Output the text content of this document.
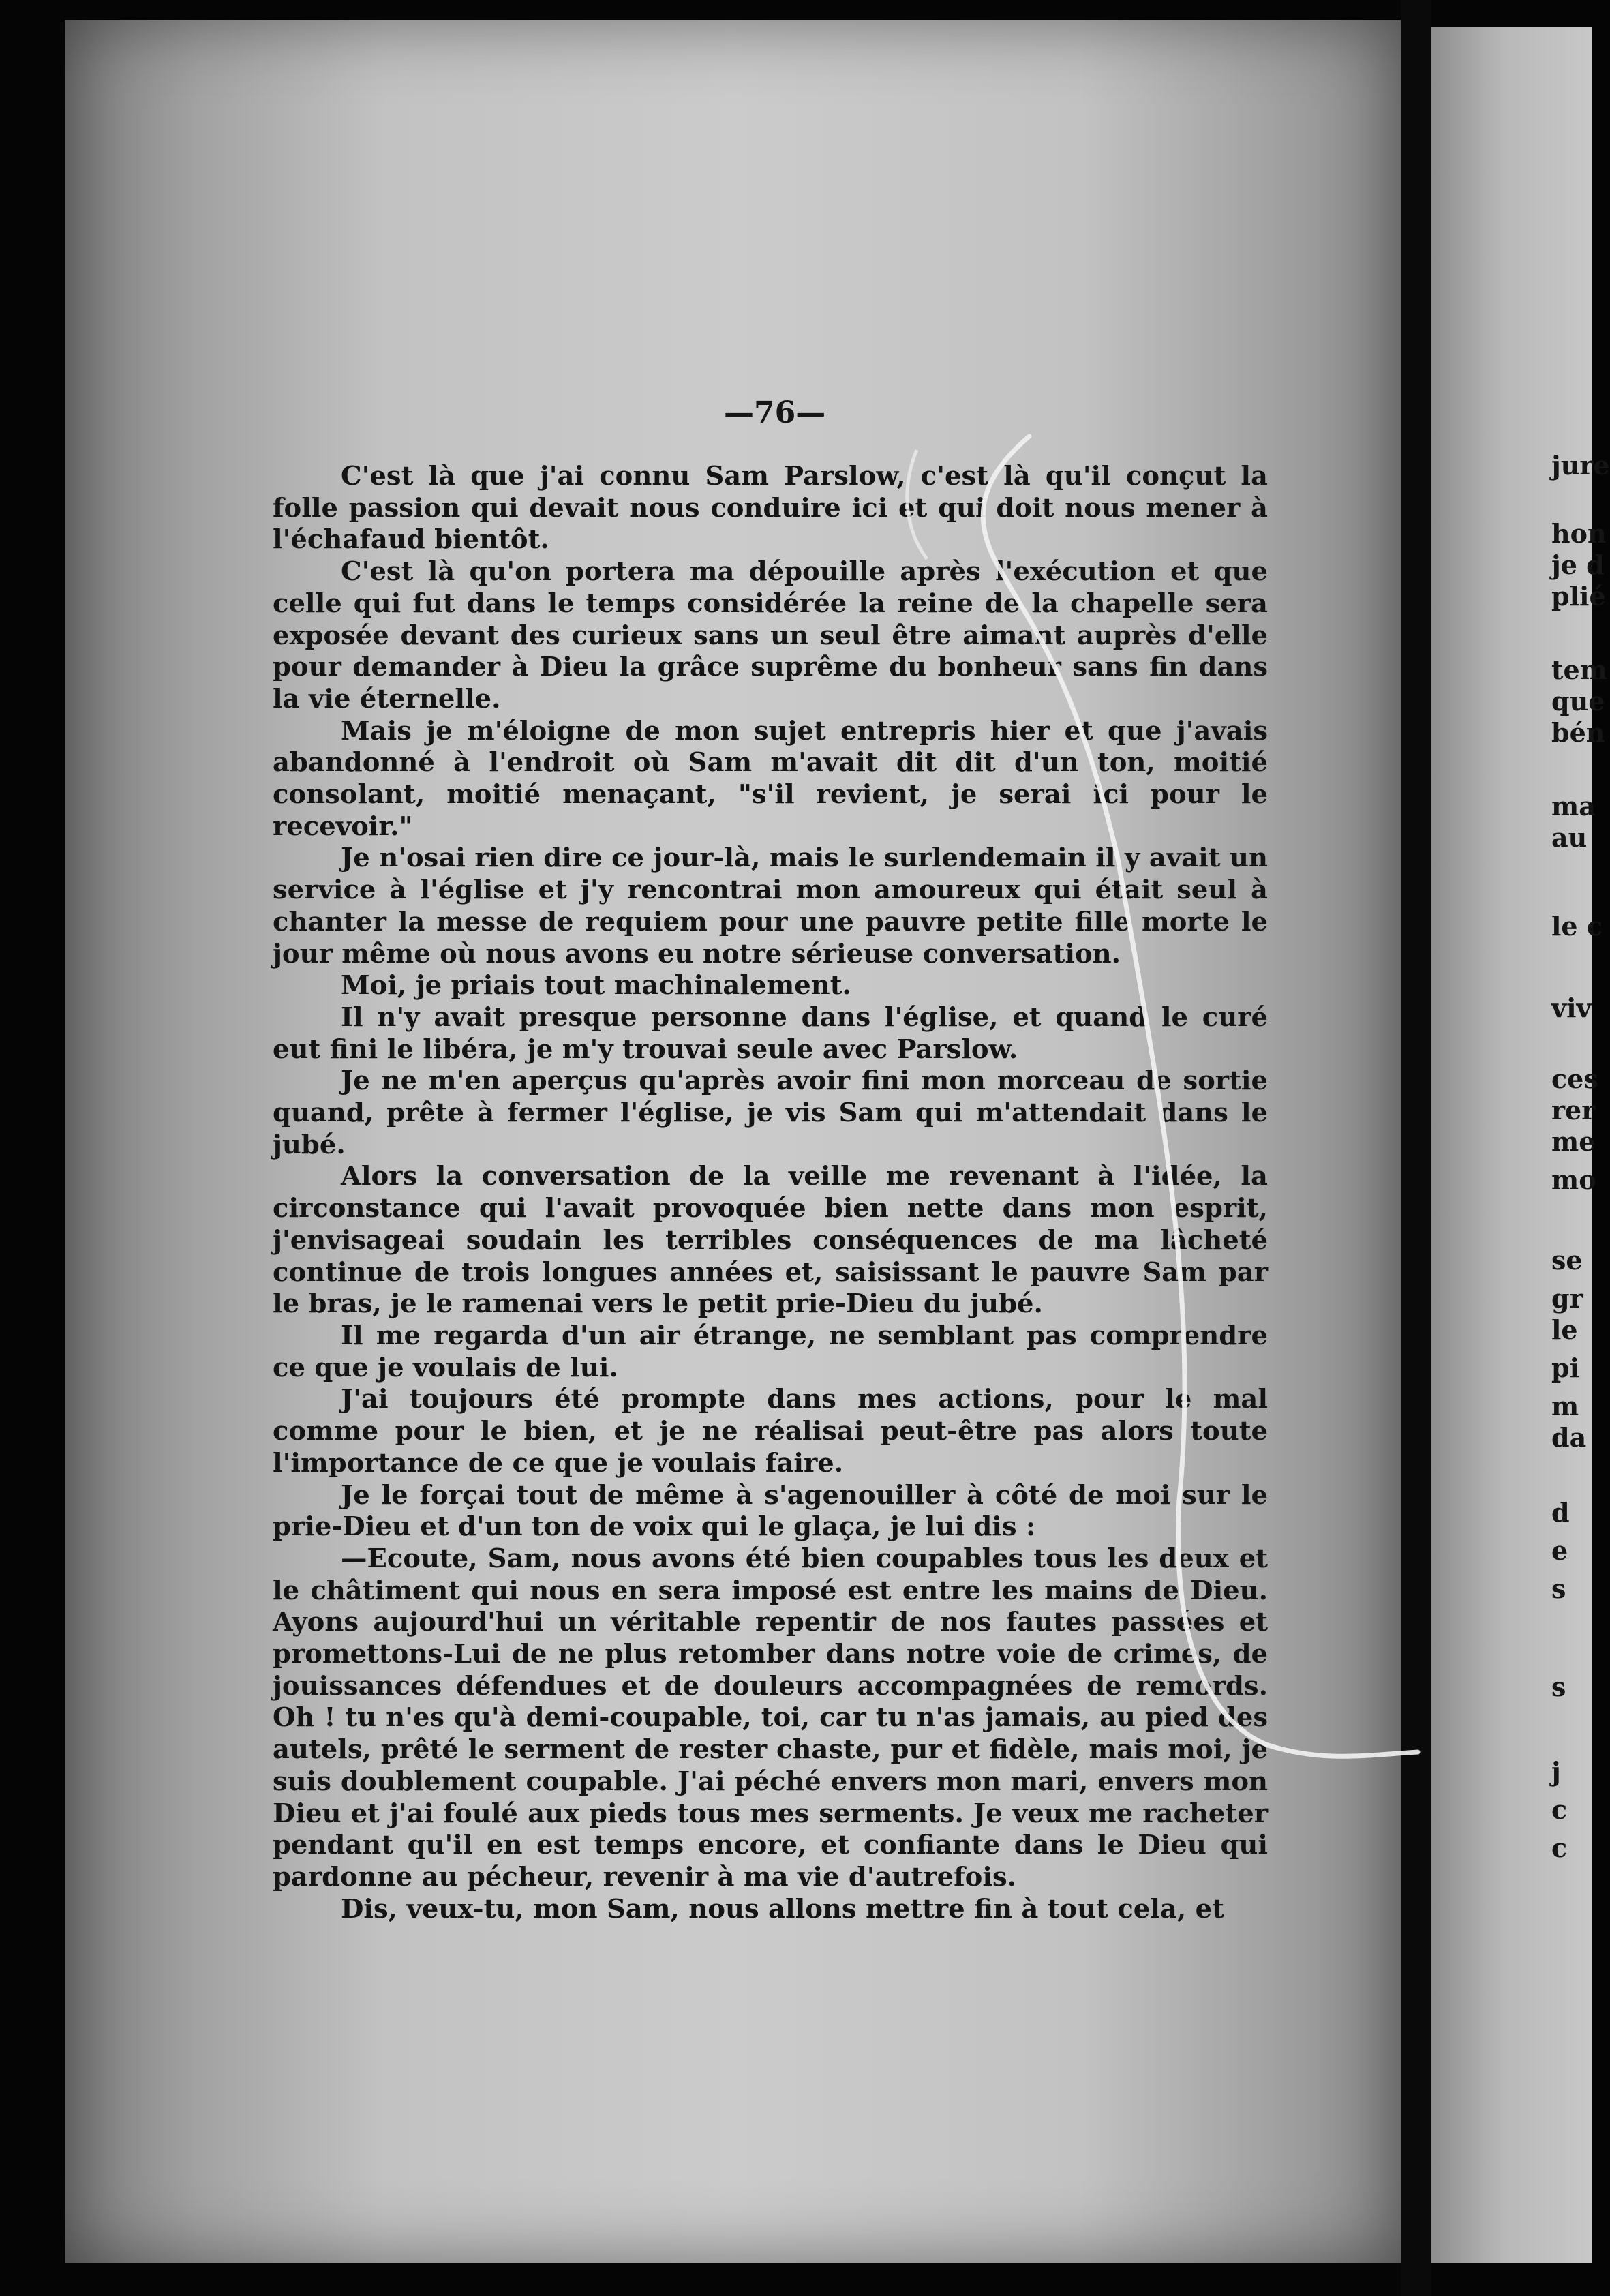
—76—

C'est là que j'ai connu Sam Parslow, c'est là qu'il conçut la folle passion qui devait nous conduire ici et qui doit nous mener à l'échafaud bientôt.

C'est là qu'on portera ma dépouille après l'exécution et que celle qui fut dans le temps considérée la reine de la chapelle sera exposée devant des curieux sans un seul être aimant auprès d'elle pour demander à Dieu la grâce suprême du bonheur sans fin dans la vie éternelle.

Mais je m'éloigne de mon sujet entrepris hier et que j'avais abandonné à l'endroit où Sam m'avait dit dit d'un ton, moitié consolant, moitié menaçant, "s'il revient, je serai ici pour le recevoir."

Je n'osai rien dire ce jour-là, mais le surlendemain il y avait un service à l'église et j'y rencontrai mon amoureux qui était seul à chanter la messe de requiem pour une pauvre petite fille morte le jour même où nous avons eu notre sérieuse conversation.

Moi, je priais tout machinalement.

Il n'y avait presque personne dans l'église, et quand le curé eut fini le libéra, je m'y trouvai seule avec Parslow.

Je ne m'en aperçus qu'après avoir fini mon morceau de sortie quand, prête à fermer l'église, je vis Sam qui m'attendait dans le jubé.

Alors la conversation de la veille me revenant à l'idée, la circonstance qui l'avait provoquée bien nette dans mon esprit, j'envisageai soudain les terribles conséquences de ma lâcheté continue de trois longues années et, saisissant le pauvre Sam par le bras, je le ramenai vers le petit prie-Dieu du jubé.

Il me regarda d'un air étrange, ne semblant pas comprendre ce que je voulais de lui.

J'ai toujours été prompte dans mes actions, pour le mal comme pour le bien, et je ne réalisai peut-être pas alors toute l'importance de ce que je voulais faire.

Je le forçai tout de même à s'agenouiller à côté de moi sur le prie-Dieu et d'un ton de voix qui le glaça, je lui dis :

—Ecoute, Sam, nous avons été bien coupables tous les deux et le châtiment qui nous en sera imposé est entre les mains de Dieu. Ayons aujourd'hui un véritable repentir de nos fautes passées et promettons-Lui de ne plus retomber dans notre voie de crimes, de jouissances défendues et de douleurs accompagnées de remords. Oh ! tu n'es qu'à demi-coupable, toi, car tu n'as jamais, au pied des autels, prêté le serment de rester chaste, pur et fidèle, mais moi, je suis doublement coupable. J'ai péché envers mon mari, envers mon Dieu et j'ai foulé aux pieds tous mes serments. Je veux me racheter pendant qu'il en est temps encore, et confiante dans le Dieu qui pardonne au pécheur, revenir à ma vie d'autrefois.

Dis, veux-tu, mon Sam, nous allons mettre fin à tout cela, et

jure
hon
je d
plié
tem
que
bén
ma
au
le c
viv
ces
rer
me
mo
se
gr
le
pi
m
da
d
e
s
s
j
c
c
